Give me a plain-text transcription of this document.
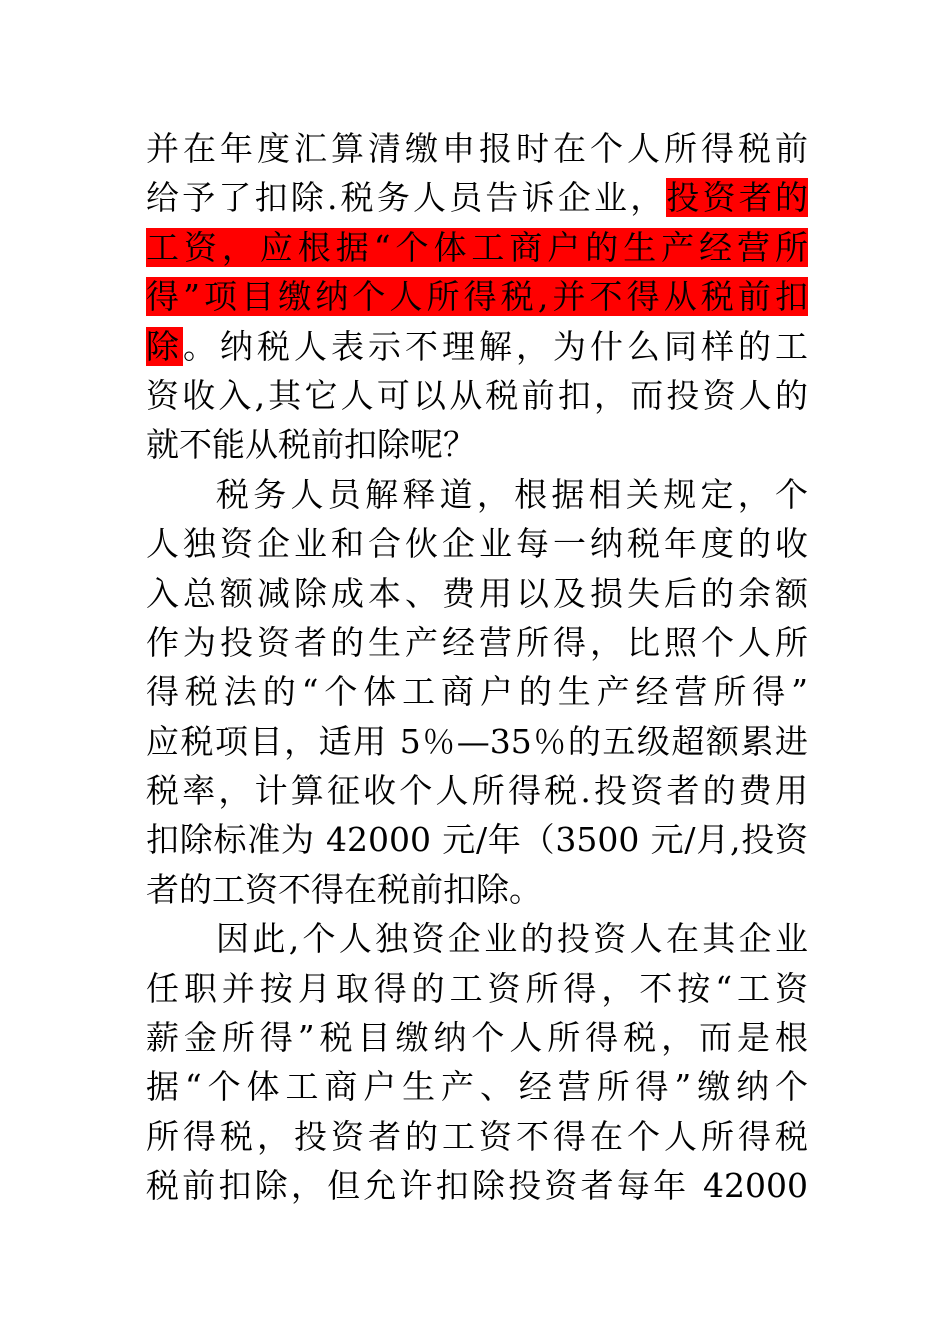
并在年度汇算清缴申报时在个人所得税前
给予了扣除.税务人员告诉企业，投资者的
工资，应根据“个体工商户的生产经营所
得”项目缴纳个人所得税,并不得从税前扣
除。纳税人表示不理解，为什么同样的工
资收入,其它人可以从税前扣，而投资人的
就不能从税前扣除呢？
税务人员解释道，根据相关规定，个
人独资企业和合伙企业每一纳税年度的收
入总额减除成本、费用以及损失后的余额
作为投资者的生产经营所得，比照个人所
得税法的“个体工商户的生产经营所得”
应税项目，适用 5％—35％的五级超额累进
税率，计算征收个人所得税.投资者的费用
扣除标准为 42000 元/年（3500 元/月,投资
者的工资不得在税前扣除。
因此,个人独资企业的投资人在其企业
任职并按月取得的工资所得，不按“工资
薪金所得”税目缴纳个人所得税，而是根
据“个体工商户生产、经营所得”缴纳个
所得税，投资者的工资不得在个人所得税
税前扣除，但允许扣除投资者每年 42000
